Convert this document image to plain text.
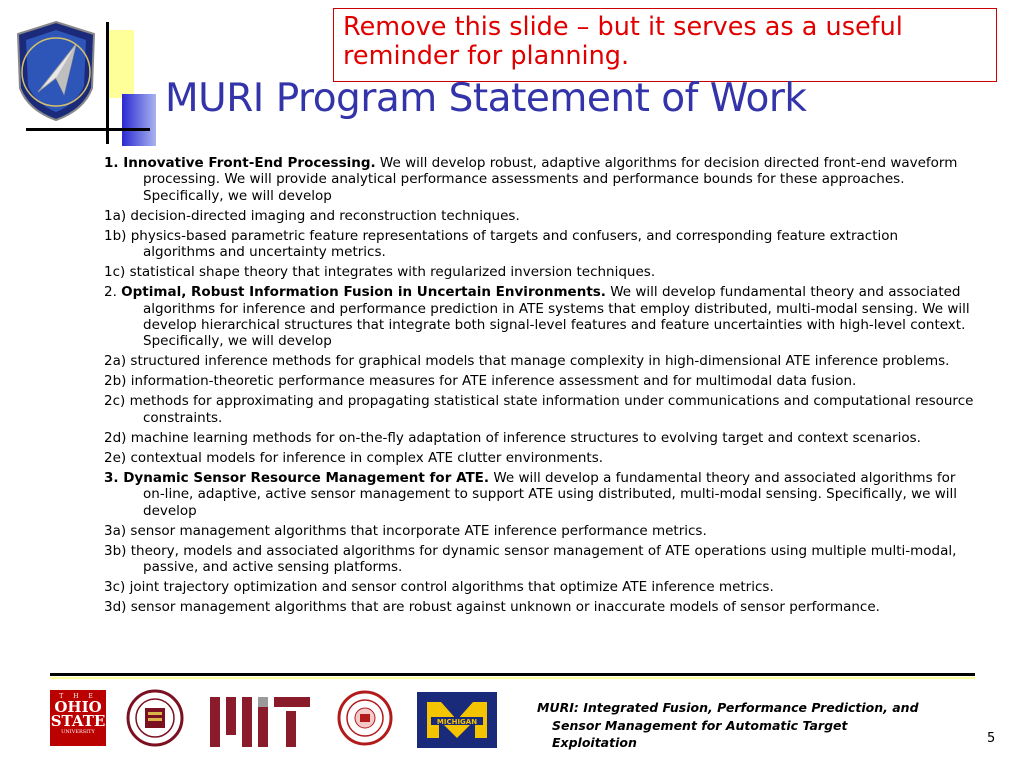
Remove this slide – but it serves as a useful reminder for planning.
MURI Program Statement of Work

1. Innovative Front-End Processing. We will develop robust, adaptive algorithms for decision directed front-end waveform processing. We will provide analytical performance assessments and performance bounds for these approaches. Specifically, we will develop

1a) decision-directed imaging and reconstruction techniques.

1b) physics-based parametric feature representations of targets and confusers, and corresponding feature extraction algorithms and uncertainty metrics.

1c) statistical shape theory that integrates with regularized inversion techniques.

2. Optimal, Robust Information Fusion in Uncertain Environments. We will develop fundamental theory and associated algorithms for inference and performance prediction in ATE systems that employ distributed, multi-modal sensing. We will develop hierarchical structures that integrate both signal-level features and feature uncertainties with high-level context. Specifically, we will develop

2a) structured inference methods for graphical models that manage complexity in high-dimensional ATE inference problems.

2b) information-theoretic performance measures for ATE inference assessment and for multimodal data fusion.

2c) methods for approximating and propagating statistical state information under communications and computational resource constraints.

2d) machine learning methods for on-the-fly adaptation of inference structures to evolving target and context scenarios.

2e) contextual models for inference in complex ATE clutter environments.

3. Dynamic Sensor Resource Management for ATE. We will develop a fundamental theory and associated algorithms for on-line, adaptive, active sensor management to support ATE using distributed, multi-modal sensing. Specifically, we will develop

3a) sensor management algorithms that incorporate ATE inference performance metrics.

3b) theory, models and associated algorithms for dynamic sensor management of ATE operations using multiple multi-modal, passive, and active sensing platforms.

3c) joint trajectory optimization and sensor control algorithms that optimize ATE inference metrics.

3d) sensor management algorithms that are robust against unknown or inaccurate models of sensor performance.

T H E
OHIO
STATE
UNIVERSITY
MICHIGAN
MURI: Integrated Fusion, Performance Prediction, and Sensor Management for Automatic Target Exploitation	5
